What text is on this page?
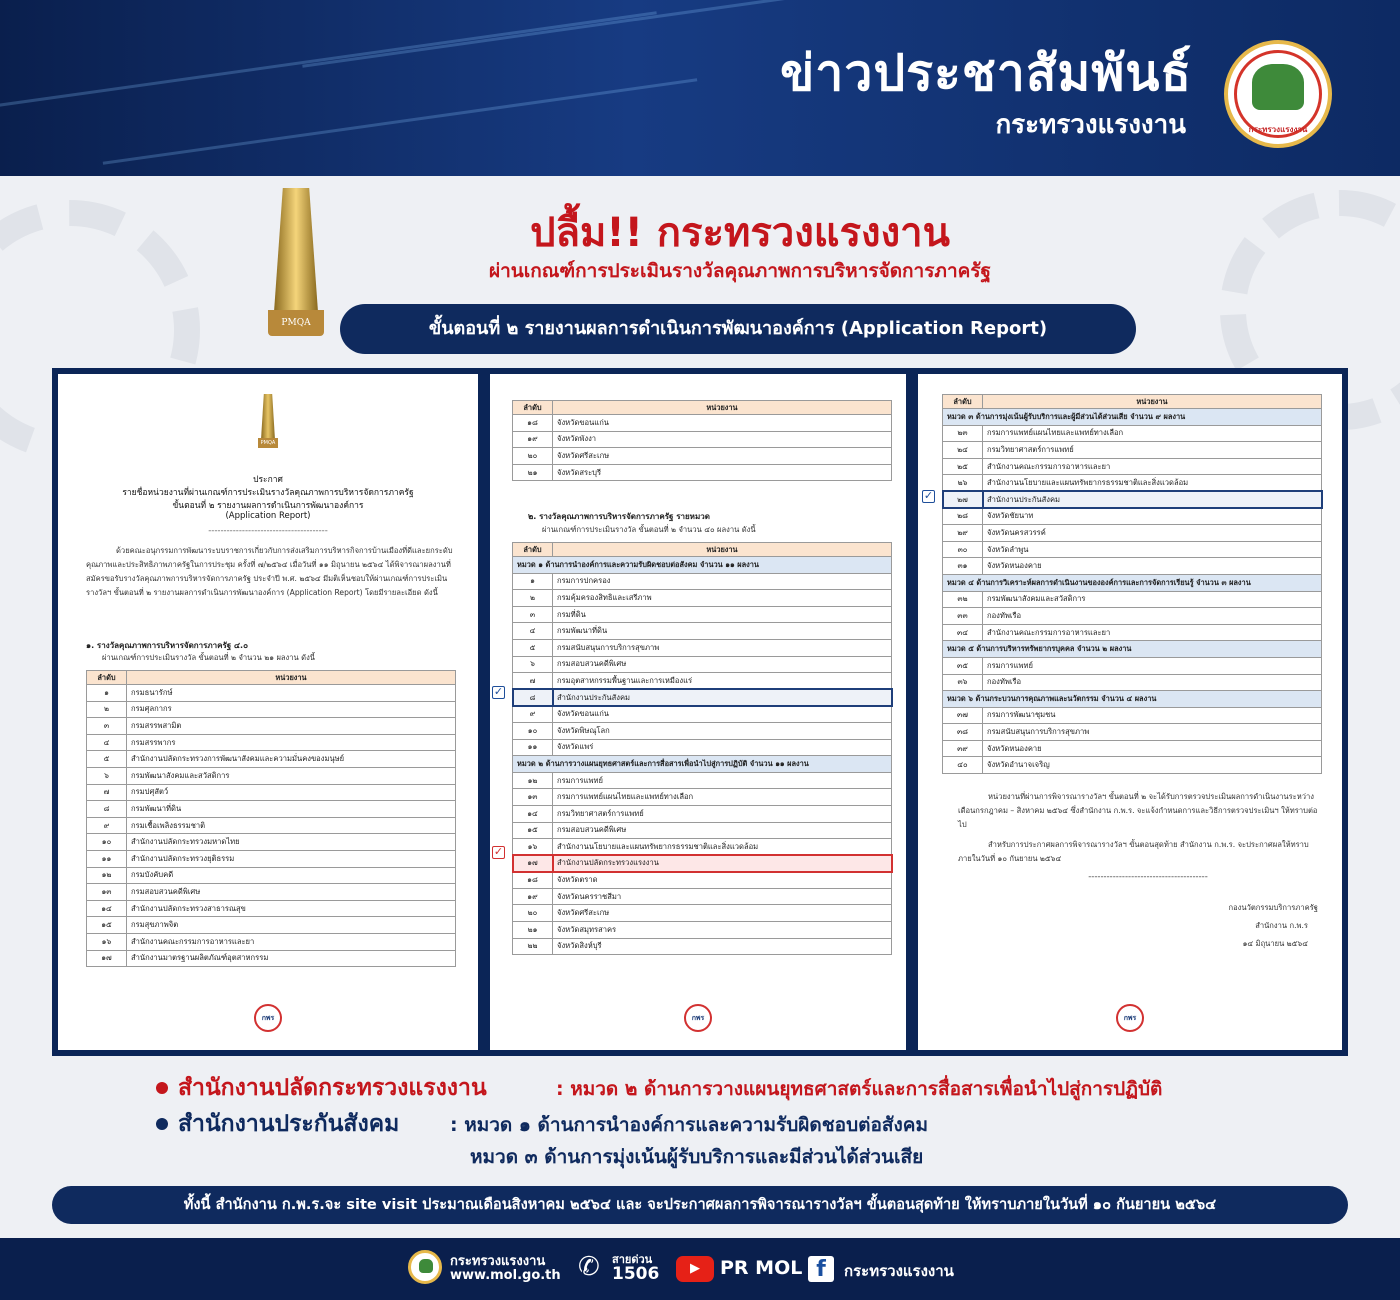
ข่าวประชาสัมพันธ์
กระทรวงแรงงาน	กระทรวงแรงงาน
PMQA
ปลื้ม!! กระทรวงแรงงาน
ผ่านเกณฑ์การประเมินรางวัลคุณภาพการบริหารจัดการภาครัฐ
ขั้นตอนที่ ๒ รายงานผลการดำเนินการพัฒนาองค์การ (Application Report)
PMQA
ประกาศ
รายชื่อหน่วยงานที่ผ่านเกณฑ์การประเมินรางวัลคุณภาพการบริหารจัดการภาครัฐ
ขั้นตอนที่ ๒ รายงานผลการดำเนินการพัฒนาองค์การ
(Application Report)
---------------------------------------
ด้วยคณะอนุกรรมการพัฒนาระบบราชการเกี่ยวกับการส่งเสริมการบริหารกิจการบ้านเมืองที่ดีและยกระดับคุณภาพและประสิทธิภาพภาครัฐในการประชุม ครั้งที่ ๗/๒๕๖๔ เมื่อวันที่ ๑๑ มิถุนายน ๒๕๖๔ ได้พิจารณาผลงานที่สมัครขอรับรางวัลคุณภาพการบริหารจัดการภาครัฐ ประจำปี พ.ศ. ๒๕๖๔ มีมติเห็นชอบให้ผ่านเกณฑ์การประเมินรางวัลฯ ขั้นตอนที่ ๒ รายงานผลการดำเนินการพัฒนาองค์การ (Application Report) โดยมีรายละเอียด ดังนี้
๑. รางวัลคุณภาพการบริหารจัดการภาครัฐ ๔.๐
ผ่านเกณฑ์การประเมินรางวัล ขั้นตอนที่ ๒ จำนวน ๒๑ ผลงาน ดังนี้
ลำดับ	หน่วยงาน
๑	กรมธนารักษ์
๒	กรมศุลกากร
๓	กรมสรรพสามิต
๔	กรมสรรพากร
๕	สำนักงานปลัดกระทรวงการพัฒนาสังคมและความมั่นคงของมนุษย์
๖	กรมพัฒนาสังคมและสวัสดิการ
๗	กรมปศุสัตว์
๘	กรมพัฒนาที่ดิน
๙	กรมเชื้อเพลิงธรรมชาติ
๑๐	สำนักงานปลัดกระทรวงมหาดไทย
๑๑	สำนักงานปลัดกระทรวงยุติธรรม
๑๒	กรมบังคับคดี
๑๓	กรมสอบสวนคดีพิเศษ
๑๔	สำนักงานปลัดกระทรวงสาธารณสุข
๑๕	กรมสุขภาพจิต
๑๖	สำนักงานคณะกรรมการอาหารและยา
๑๗	สำนักงานมาตรฐานผลิตภัณฑ์อุตสาหกรรม
กพร
ลำดับ	หน่วยงาน
๑๘	จังหวัดขอนแก่น
๑๙	จังหวัดพังงา
๒๐	จังหวัดศรีสะเกษ
๒๑	จังหวัดสระบุรี
๒. รางวัลคุณภาพการบริหารจัดการภาครัฐ รายหมวด
ผ่านเกณฑ์การประเมินรางวัล ขั้นตอนที่ ๒ จำนวน ๔๐ ผลงาน ดังนี้
ลำดับ	หน่วยงาน
หมวด ๑ ด้านการนำองค์การและความรับผิดชอบต่อสังคม จำนวน ๑๑ ผลงาน	
๑	กรมการปกครอง
๒	กรมคุ้มครองสิทธิและเสรีภาพ
๓	กรมที่ดิน
๔	กรมพัฒนาที่ดิน
๕	กรมสนับสนุนการบริการสุขภาพ
๖	กรมสอบสวนคดีพิเศษ
๗	กรมอุตสาหกรรมพื้นฐานและการเหมืองแร่
๘	สำนักงานประกันสังคม
๙	จังหวัดขอนแก่น
๑๐	จังหวัดพิษณุโลก
๑๑	จังหวัดแพร่
หมวด ๒ ด้านการวางแผนยุทธศาสตร์และการสื่อสารเพื่อนำไปสู่การปฏิบัติ จำนวน ๑๑ ผลงาน	
๑๒	กรมการแพทย์
๑๓	กรมการแพทย์แผนไทยและแพทย์ทางเลือก
๑๔	กรมวิทยาศาสตร์การแพทย์
๑๕	กรมสอบสวนคดีพิเศษ
๑๖	สำนักงานนโยบายและแผนทรัพยากรธรรมชาติและสิ่งแวดล้อม
๑๗	สำนักงานปลัดกระทรวงแรงงาน
๑๘	จังหวัดตราด
๑๙	จังหวัดนครราชสีมา
๒๐	จังหวัดศรีสะเกษ
๒๑	จังหวัดสมุทรสาคร
๒๒	จังหวัดสิงห์บุรี
กพร
✓
✓
ลำดับ	หน่วยงาน
หมวด ๓ ด้านการมุ่งเน้นผู้รับบริการและผู้มีส่วนได้ส่วนเสีย จำนวน ๙ ผลงาน	
๒๓	กรมการแพทย์แผนไทยและแพทย์ทางเลือก
๒๔	กรมวิทยาศาสตร์การแพทย์
๒๕	สำนักงานคณะกรรมการอาหารและยา
๒๖	สำนักงานนโยบายและแผนทรัพยากรธรรมชาติและสิ่งแวดล้อม
๒๗	สำนักงานประกันสังคม
๒๘	จังหวัดชัยนาท
๒๙	จังหวัดนครสวรรค์
๓๐	จังหวัดลำพูน
๓๑	จังหวัดหนองคาย
หมวด ๔ ด้านการวิเคราะห์ผลการดำเนินงานขององค์การและการจัดการเรียนรู้ จำนวน ๓ ผลงาน	
๓๒	กรมพัฒนาสังคมและสวัสดิการ
๓๓	กองทัพเรือ
๓๔	สำนักงานคณะกรรมการอาหารและยา
หมวด ๕ ด้านการบริหารทรัพยากรบุคคล จำนวน ๒ ผลงาน	
๓๕	กรมการแพทย์
๓๖	กองทัพเรือ
หมวด ๖ ด้านกระบวนการคุณภาพและนวัตกรรม จำนวน ๔ ผลงาน	
๓๗	กรมการพัฒนาชุมชน
๓๘	กรมสนับสนุนการบริการสุขภาพ
๓๙	จังหวัดหนองคาย
๔๐	จังหวัดอำนาจเจริญ
หน่วยงานที่ผ่านการพิจารณารางวัลฯ ขั้นตอนที่ ๒ จะได้รับการตรวจประเมินผลการดำเนินงานระหว่างเดือนกรกฎาคม – สิงหาคม ๒๕๖๔ ซึ่งสำนักงาน ก.พ.ร. จะแจ้งกำหนดการและวิธีการตรวจประเมินฯ ให้ทราบต่อไป
สำหรับการประกาศผลการพิจารณารางวัลฯ ขั้นตอนสุดท้าย สำนักงาน ก.พ.ร. จะประกาศผลให้ทราบภายในวันที่ ๑๐ กันยายน ๒๕๖๔
---------------------------------------
กองนวัตกรรมบริการภาครัฐ
สำนักงาน ก.พ.ร
๑๔ มิถุนายน ๒๕๖๔
กพร
✓
สำนักงานปลัดกระทรวงแรงงาน	: หมวด ๒ ด้านการวางแผนยุทธศาสตร์และการสื่อสารเพื่อนำไปสู่การปฏิบัติ
สำนักงานประกันสังคม	: หมวด ๑ ด้านการนำองค์การและความรับผิดชอบต่อสังคม
หมวด ๓ ด้านการมุ่งเน้นผู้รับบริการและมีส่วนได้ส่วนเสีย
ทั้งนี้ สำนักงาน ก.พ.ร.จะ site visit ประมาณเดือนสิงหาคม ๒๕๖๔ และ จะประกาศผลการพิจารณารางวัลฯ ขั้นตอนสุดท้าย ให้ทราบภายในวันที่ ๑๐ กันยายน ๒๕๖๔
กระทรวงแรงงาน
www.mol.go.th ✆ สายด่วน
1506	▶	PR MOL f	กระทรวงแรงงาน
